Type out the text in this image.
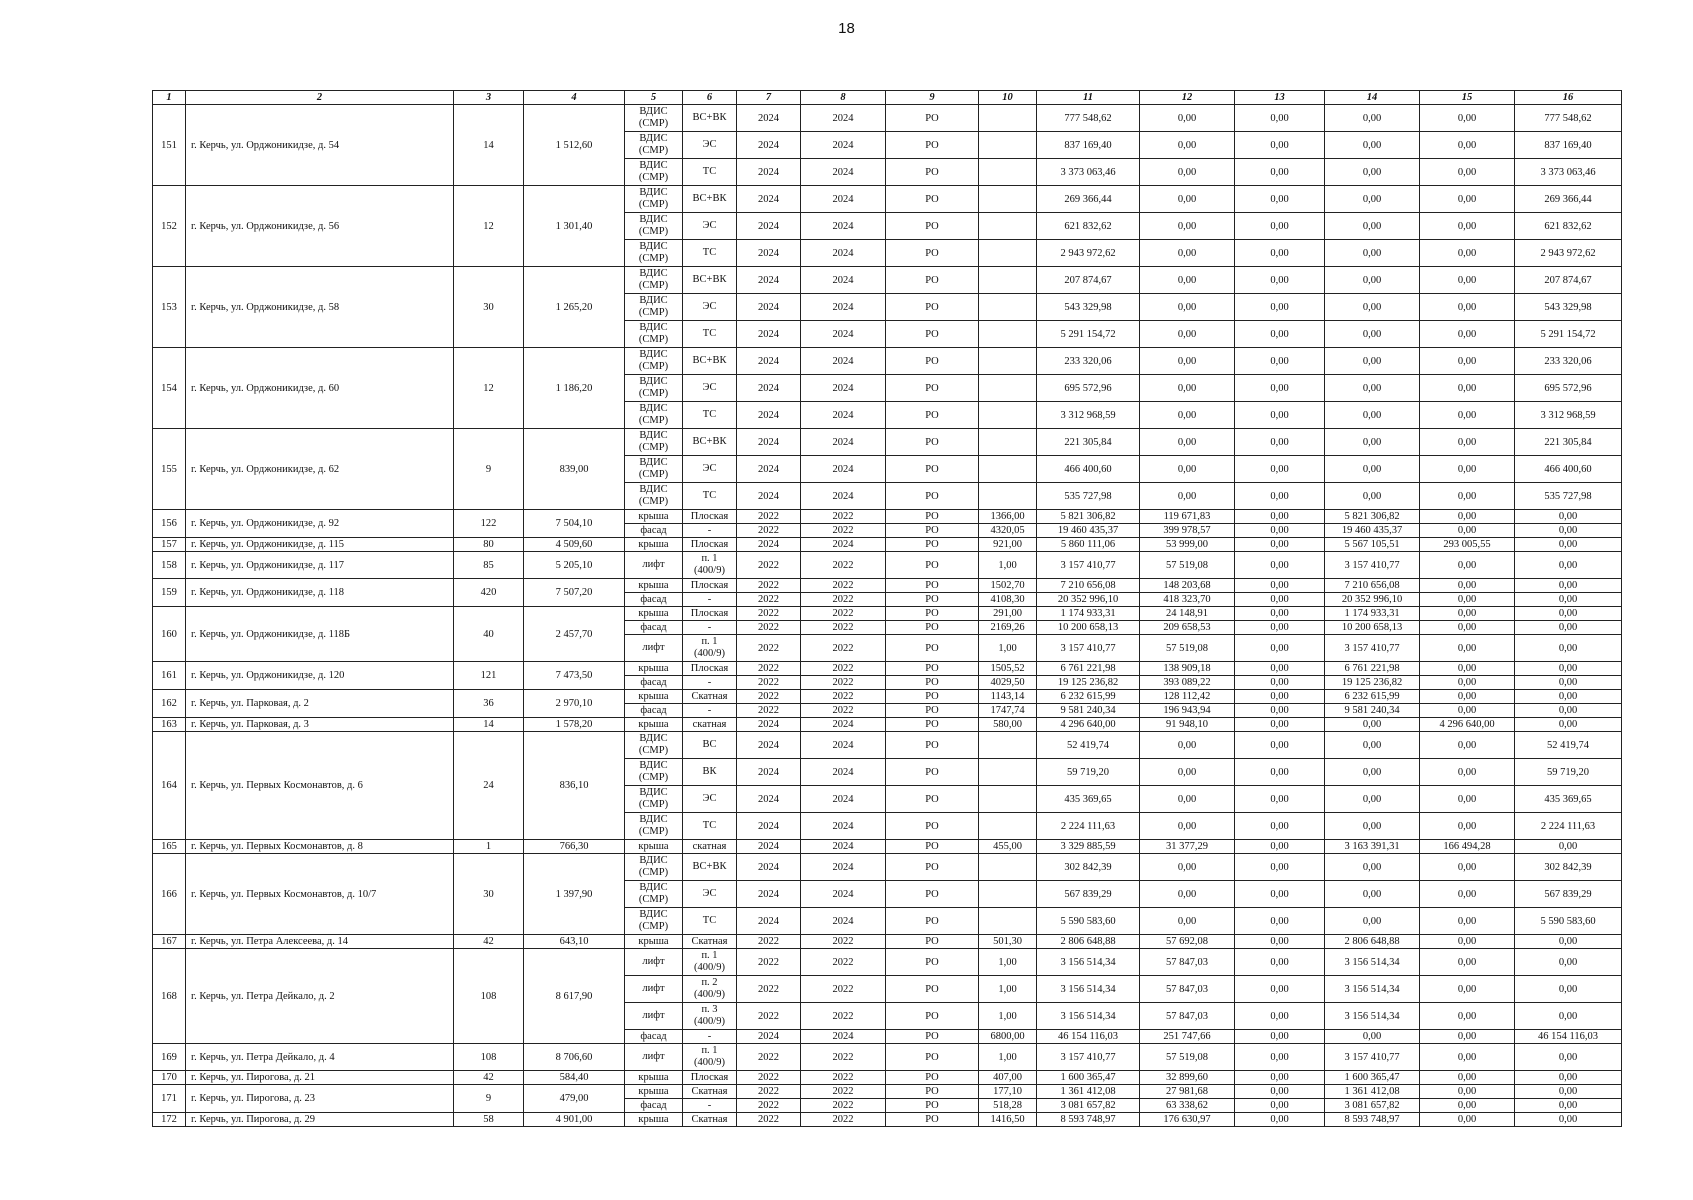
18
1	2	3	4	5	6	7	8	9	10	11	12	13	14	15	16
151	г. Керчь, ул. Орджоникидзе, д. 54	14	1 512,60	ВДИС (СМР)	ВС+ВК	2024	2024	РО		777 548,62	0,00	0,00	0,00	0,00	777 548,62
				ВДИС (СМР)	ЭС	2024	2024	РО		837 169,40	0,00	0,00	0,00	0,00	837 169,40
				ВДИС (СМР)	ТС	2024	2024	РО		3 373 063,46	0,00	0,00	0,00	0,00	3 373 063,46
152	г. Керчь, ул. Орджоникидзе, д. 56	12	1 301,40	ВДИС (СМР)	ВС+ВК	2024	2024	РО		269 366,44	0,00	0,00	0,00	0,00	269 366,44
				ВДИС (СМР)	ЭС	2024	2024	РО		621 832,62	0,00	0,00	0,00	0,00	621 832,62
				ВДИС (СМР)	ТС	2024	2024	РО		2 943 972,62	0,00	0,00	0,00	0,00	2 943 972,62
153	г. Керчь, ул. Орджоникидзе, д. 58	30	1 265,20	ВДИС (СМР)	ВС+ВК	2024	2024	РО		207 874,67	0,00	0,00	0,00	0,00	207 874,67
				ВДИС (СМР)	ЭС	2024	2024	РО		543 329,98	0,00	0,00	0,00	0,00	543 329,98
				ВДИС (СМР)	ТС	2024	2024	РО		5 291 154,72	0,00	0,00	0,00	0,00	5 291 154,72
154	г. Керчь, ул. Орджоникидзе, д. 60	12	1 186,20	ВДИС (СМР)	ВС+ВК	2024	2024	РО		233 320,06	0,00	0,00	0,00	0,00	233 320,06
				ВДИС (СМР)	ЭС	2024	2024	РО		695 572,96	0,00	0,00	0,00	0,00	695 572,96
				ВДИС (СМР)	ТС	2024	2024	РО		3 312 968,59	0,00	0,00	0,00	0,00	3 312 968,59
155	г. Керчь, ул. Орджоникидзе, д. 62	9	839,00	ВДИС (СМР)	ВС+ВК	2024	2024	РО		221 305,84	0,00	0,00	0,00	0,00	221 305,84
				ВДИС (СМР)	ЭС	2024	2024	РО		466 400,60	0,00	0,00	0,00	0,00	466 400,60
				ВДИС (СМР)	ТС	2024	2024	РО		535 727,98	0,00	0,00	0,00	0,00	535 727,98
156	г. Керчь, ул. Орджоникидзе, д. 92	122	7 504,10	крыша	Плоская	2022	2022	РО	1366,00	5 821 306,82	119 671,83	0,00	5 821 306,82	0,00	0,00
				фасад	-	2022	2022	РО	4320,05	19 460 435,37	399 978,57	0,00	19 460 435,37	0,00	0,00
157	г. Керчь, ул. Орджоникидзе, д. 115	80	4 509,60	крыша	Плоская	2024	2024	РО	921,00	5 860 111,06	53 999,00	0,00	5 567 105,51	293 005,55	0,00
158	г. Керчь, ул. Орджоникидзе, д. 117	85	5 205,10	лифт	п. 1 (400/9)	2022	2022	РО	1,00	3 157 410,77	57 519,08	0,00	3 157 410,77	0,00	0,00
159	г. Керчь, ул. Орджоникидзе, д. 118	420	7 507,20	крыша	Плоская	2022	2022	РО	1502,70	7 210 656,08	148 203,68	0,00	7 210 656,08	0,00	0,00
				фасад	-	2022	2022	РО	4108,30	20 352 996,10	418 323,70	0,00	20 352 996,10	0,00	0,00
160	г. Керчь, ул. Орджоникидзе, д. 118Б	40	2 457,70	крыша	Плоская	2022	2022	РО	291,00	1 174 933,31	24 148,91	0,00	1 174 933,31	0,00	0,00
				фасад	-	2022	2022	РО	2169,26	10 200 658,13	209 658,53	0,00	10 200 658,13	0,00	0,00
				лифт	п. 1 (400/9)	2022	2022	РО	1,00	3 157 410,77	57 519,08	0,00	3 157 410,77	0,00	0,00
161	г. Керчь, ул. Орджоникидзе, д. 120	121	7 473,50	крыша	Плоская	2022	2022	РО	1505,52	6 761 221,98	138 909,18	0,00	6 761 221,98	0,00	0,00
				фасад	-	2022	2022	РО	4029,50	19 125 236,82	393 089,22	0,00	19 125 236,82	0,00	0,00
162	г. Керчь, ул. Парковая, д. 2	36	2 970,10	крыша	Скатная	2022	2022	РО	1143,14	6 232 615,99	128 112,42	0,00	6 232 615,99	0,00	0,00
				фасад	-	2022	2022	РО	1747,74	9 581 240,34	196 943,94	0,00	9 581 240,34	0,00	0,00
163	г. Керчь, ул. Парковая, д. 3	14	1 578,20	крыша	скатная	2024	2024	РО	580,00	4 296 640,00	91 948,10	0,00	0,00	4 296 640,00	0,00
164	г. Керчь, ул. Первых Космонавтов, д. 6	24	836,10	ВДИС (СМР)	ВС	2024	2024	РО		52 419,74	0,00	0,00	0,00	0,00	52 419,74
				ВДИС (СМР)	ВК	2024	2024	РО		59 719,20	0,00	0,00	0,00	0,00	59 719,20
				ВДИС (СМР)	ЭС	2024	2024	РО		435 369,65	0,00	0,00	0,00	0,00	435 369,65
				ВДИС (СМР)	ТС	2024	2024	РО		2 224 111,63	0,00	0,00	0,00	0,00	2 224 111,63
165	г. Керчь, ул. Первых Космонавтов, д. 8	1	766,30	крыша	скатная	2024	2024	РО	455,00	3 329 885,59	31 377,29	0,00	3 163 391,31	166 494,28	0,00
166	г. Керчь, ул. Первых Космонавтов, д. 10/7	30	1 397,90	ВДИС (СМР)	ВС+ВК	2024	2024	РО		302 842,39	0,00	0,00	0,00	0,00	302 842,39
				ВДИС (СМР)	ЭС	2024	2024	РО		567 839,29	0,00	0,00	0,00	0,00	567 839,29
				ВДИС (СМР)	ТС	2024	2024	РО		5 590 583,60	0,00	0,00	0,00	0,00	5 590 583,60
167	г. Керчь, ул. Петра Алексеева, д. 14	42	643,10	крыша	Скатная	2022	2022	РО	501,30	2 806 648,88	57 692,08	0,00	2 806 648,88	0,00	0,00
168	г. Керчь, ул. Петра Дейкало, д. 2	108	8 617,90	лифт	п. 1 (400/9)	2022	2022	РО	1,00	3 156 514,34	57 847,03	0,00	3 156 514,34	0,00	0,00
				лифт	п. 2 (400/9)	2022	2022	РО	1,00	3 156 514,34	57 847,03	0,00	3 156 514,34	0,00	0,00
				лифт	п. 3 (400/9)	2022	2022	РО	1,00	3 156 514,34	57 847,03	0,00	3 156 514,34	0,00	0,00
				фасад	-	2024	2024	РО	6800,00	46 154 116,03	251 747,66	0,00	0,00	0,00	46 154 116,03
169	г. Керчь, ул. Петра Дейкало, д. 4	108	8 706,60	лифт	п. 1 (400/9)	2022	2022	РО	1,00	3 157 410,77	57 519,08	0,00	3 157 410,77	0,00	0,00
170	г. Керчь, ул. Пирогова, д. 21	42	584,40	крыша	Плоская	2022	2022	РО	407,00	1 600 365,47	32 899,60	0,00	1 600 365,47	0,00	0,00
171	г. Керчь, ул. Пирогова, д. 23	9	479,00	крыша	Скатная	2022	2022	РО	177,10	1 361 412,08	27 981,68	0,00	1 361 412,08	0,00	0,00
				фасад	-	2022	2022	РО	518,28	3 081 657,82	63 338,62	0,00	3 081 657,82	0,00	0,00
172	г. Керчь, ул. Пирогова, д. 29	58	4 901,00	крыша	Скатная	2022	2022	РО	1416,50	8 593 748,97	176 630,97	0,00	8 593 748,97	0,00	0,00
